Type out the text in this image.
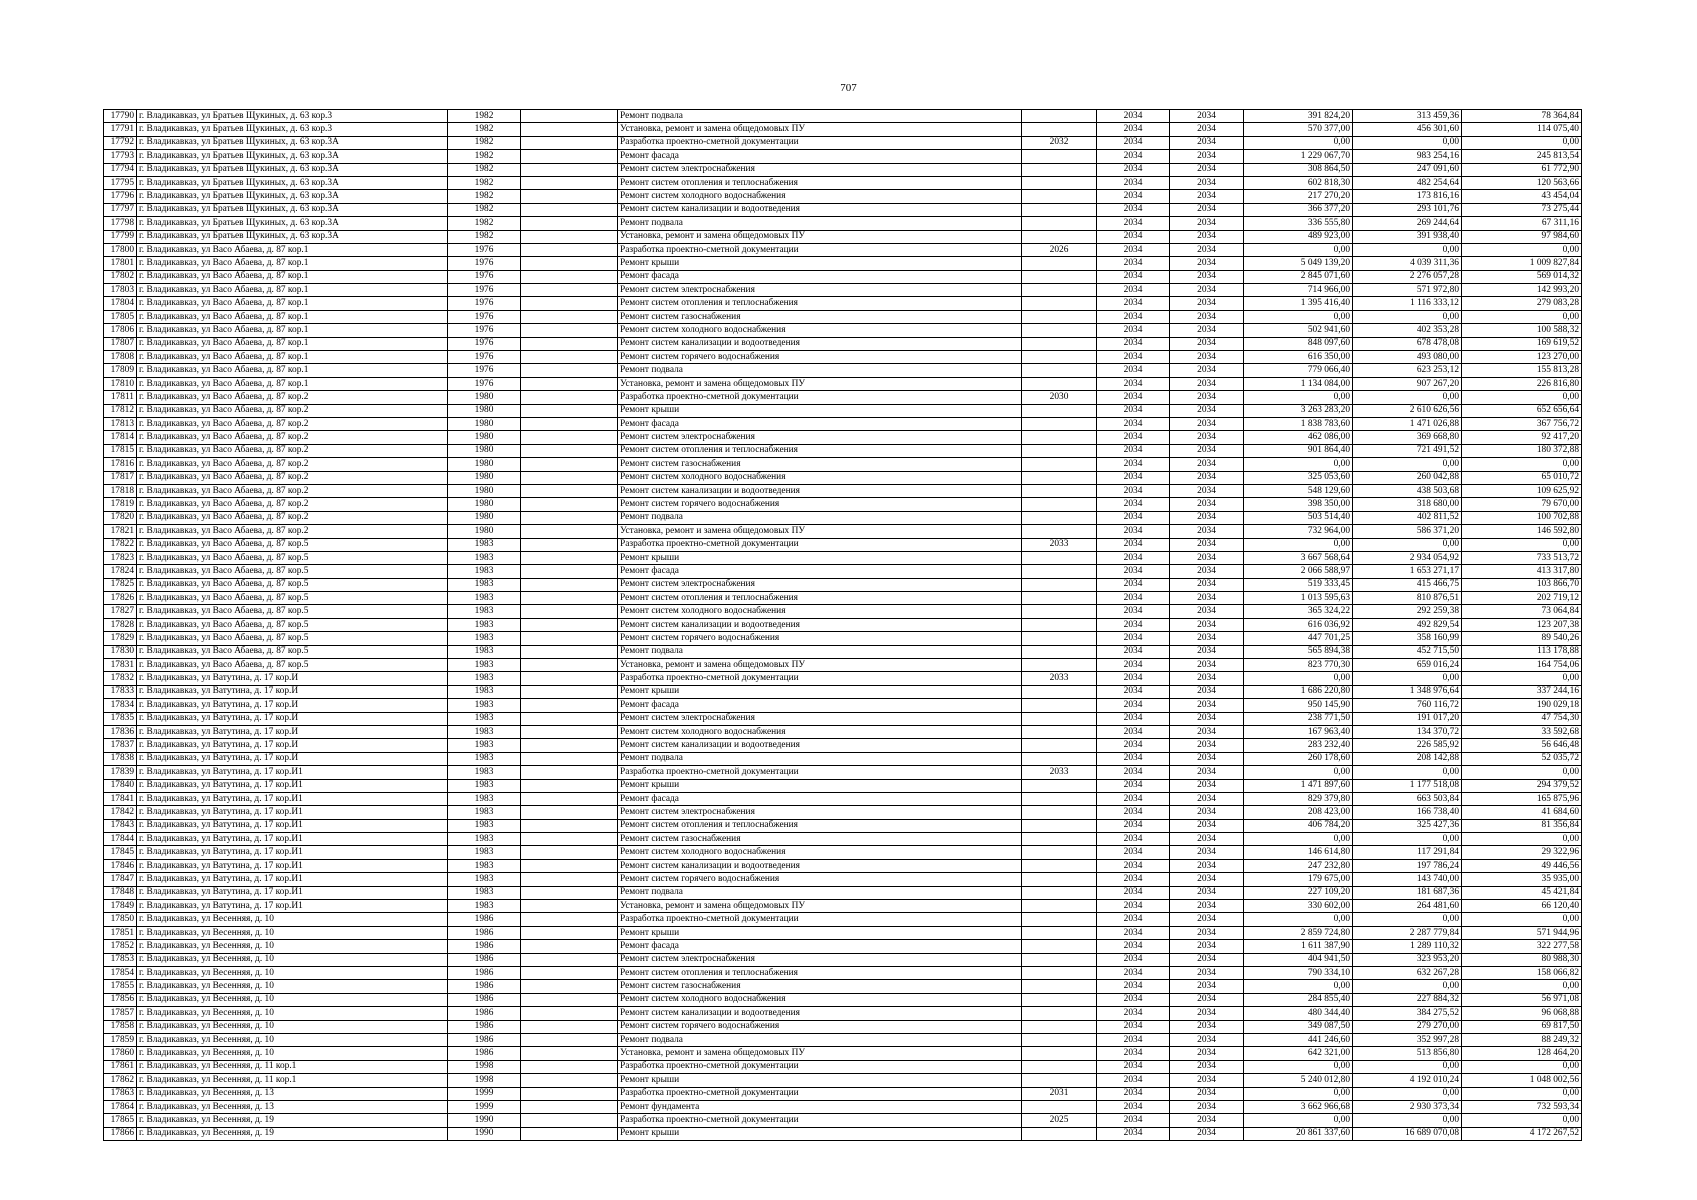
707
17790	г. Владикавказ, ул Братьев Щукиных, д. 63 кор.3	1982		Ремонт подвала		2034	2034	391 824,20	313 459,36	78 364,84
17791	г. Владикавказ, ул Братьев Щукиных, д. 63 кор.3	1982		Установка, ремонт и замена общедомовых ПУ		2034	2034	570 377,00	456 301,60	114 075,40
17792	г. Владикавказ, ул Братьев Щукиных, д. 63 кор.3А	1982		Разработка проектно-сметной документации	2032	2034	2034	0,00	0,00	0,00
17793	г. Владикавказ, ул Братьев Щукиных, д. 63 кор.3А	1982		Ремонт фасада		2034	2034	1 229 067,70	983 254,16	245 813,54
17794	г. Владикавказ, ул Братьев Щукиных, д. 63 кор.3А	1982		Ремонт систем электроснабжения		2034	2034	308 864,50	247 091,60	61 772,90
17795	г. Владикавказ, ул Братьев Щукиных, д. 63 кор.3А	1982		Ремонт систем отопления и теплоснабжения		2034	2034	602 818,30	482 254,64	120 563,66
17796	г. Владикавказ, ул Братьев Щукиных, д. 63 кор.3А	1982		Ремонт систем холодного водоснабжения		2034	2034	217 270,20	173 816,16	43 454,04
17797	г. Владикавказ, ул Братьев Щукиных, д. 63 кор.3А	1982		Ремонт систем канализации и водоотведения		2034	2034	366 377,20	293 101,76	73 275,44
17798	г. Владикавказ, ул Братьев Щукиных, д. 63 кор.3А	1982		Ремонт подвала		2034	2034	336 555,80	269 244,64	67 311,16
17799	г. Владикавказ, ул Братьев Щукиных, д. 63 кор.3А	1982		Установка, ремонт и замена общедомовых ПУ		2034	2034	489 923,00	391 938,40	97 984,60
17800	г. Владикавказ, ул Васо Абаева, д. 87 кор.1	1976		Разработка проектно-сметной документации	2026	2034	2034	0,00	0,00	0,00
17801	г. Владикавказ, ул Васо Абаева, д. 87 кор.1	1976		Ремонт крыши		2034	2034	5 049 139,20	4 039 311,36	1 009 827,84
17802	г. Владикавказ, ул Васо Абаева, д. 87 кор.1	1976		Ремонт фасада		2034	2034	2 845 071,60	2 276 057,28	569 014,32
17803	г. Владикавказ, ул Васо Абаева, д. 87 кор.1	1976		Ремонт систем электроснабжения		2034	2034	714 966,00	571 972,80	142 993,20
17804	г. Владикавказ, ул Васо Абаева, д. 87 кор.1	1976		Ремонт систем отопления и теплоснабжения		2034	2034	1 395 416,40	1 116 333,12	279 083,28
17805	г. Владикавказ, ул Васо Абаева, д. 87 кор.1	1976		Ремонт систем газоснабжения		2034	2034	0,00	0,00	0,00
17806	г. Владикавказ, ул Васо Абаева, д. 87 кор.1	1976		Ремонт систем холодного водоснабжения		2034	2034	502 941,60	402 353,28	100 588,32
17807	г. Владикавказ, ул Васо Абаева, д. 87 кор.1	1976		Ремонт систем канализации и водоотведения		2034	2034	848 097,60	678 478,08	169 619,52
17808	г. Владикавказ, ул Васо Абаева, д. 87 кор.1	1976		Ремонт систем горячего водоснабжения		2034	2034	616 350,00	493 080,00	123 270,00
17809	г. Владикавказ, ул Васо Абаева, д. 87 кор.1	1976		Ремонт подвала		2034	2034	779 066,40	623 253,12	155 813,28
17810	г. Владикавказ, ул Васо Абаева, д. 87 кор.1	1976		Установка, ремонт и замена общедомовых ПУ		2034	2034	1 134 084,00	907 267,20	226 816,80
17811	г. Владикавказ, ул Васо Абаева, д. 87 кор.2	1980		Разработка проектно-сметной документации	2030	2034	2034	0,00	0,00	0,00
17812	г. Владикавказ, ул Васо Абаева, д. 87 кор.2	1980		Ремонт крыши		2034	2034	3 263 283,20	2 610 626,56	652 656,64
17813	г. Владикавказ, ул Васо Абаева, д. 87 кор.2	1980		Ремонт фасада		2034	2034	1 838 783,60	1 471 026,88	367 756,72
17814	г. Владикавказ, ул Васо Абаева, д. 87 кор.2	1980		Ремонт систем электроснабжения		2034	2034	462 086,00	369 668,80	92 417,20
17815	г. Владикавказ, ул Васо Абаева, д. 87 кор.2	1980		Ремонт систем отопления и теплоснабжения		2034	2034	901 864,40	721 491,52	180 372,88
17816	г. Владикавказ, ул Васо Абаева, д. 87 кор.2	1980		Ремонт систем газоснабжения		2034	2034	0,00	0,00	0,00
17817	г. Владикавказ, ул Васо Абаева, д. 87 кор.2	1980		Ремонт систем холодного водоснабжения		2034	2034	325 053,60	260 042,88	65 010,72
17818	г. Владикавказ, ул Васо Абаева, д. 87 кор.2	1980		Ремонт систем канализации и водоотведения		2034	2034	548 129,60	438 503,68	109 625,92
17819	г. Владикавказ, ул Васо Абаева, д. 87 кор.2	1980		Ремонт систем горячего водоснабжения		2034	2034	398 350,00	318 680,00	79 670,00
17820	г. Владикавказ, ул Васо Абаева, д. 87 кор.2	1980		Ремонт подвала		2034	2034	503 514,40	402 811,52	100 702,88
17821	г. Владикавказ, ул Васо Абаева, д. 87 кор.2	1980		Установка, ремонт и замена общедомовых ПУ		2034	2034	732 964,00	586 371,20	146 592,80
17822	г. Владикавказ, ул Васо Абаева, д. 87 кор.5	1983		Разработка проектно-сметной документации	2033	2034	2034	0,00	0,00	0,00
17823	г. Владикавказ, ул Васо Абаева, д. 87 кор.5	1983		Ремонт крыши		2034	2034	3 667 568,64	2 934 054,92	733 513,72
17824	г. Владикавказ, ул Васо Абаева, д. 87 кор.5	1983		Ремонт фасада		2034	2034	2 066 588,97	1 653 271,17	413 317,80
17825	г. Владикавказ, ул Васо Абаева, д. 87 кор.5	1983		Ремонт систем электроснабжения		2034	2034	519 333,45	415 466,75	103 866,70
17826	г. Владикавказ, ул Васо Абаева, д. 87 кор.5	1983		Ремонт систем отопления и теплоснабжения		2034	2034	1 013 595,63	810 876,51	202 719,12
17827	г. Владикавказ, ул Васо Абаева, д. 87 кор.5	1983		Ремонт систем холодного водоснабжения		2034	2034	365 324,22	292 259,38	73 064,84
17828	г. Владикавказ, ул Васо Абаева, д. 87 кор.5	1983		Ремонт систем канализации и водоотведения		2034	2034	616 036,92	492 829,54	123 207,38
17829	г. Владикавказ, ул Васо Абаева, д. 87 кор.5	1983		Ремонт систем горячего водоснабжения		2034	2034	447 701,25	358 160,99	89 540,26
17830	г. Владикавказ, ул Васо Абаева, д. 87 кор.5	1983		Ремонт подвала		2034	2034	565 894,38	452 715,50	113 178,88
17831	г. Владикавказ, ул Васо Абаева, д. 87 кор.5	1983		Установка, ремонт и замена общедомовых ПУ		2034	2034	823 770,30	659 016,24	164 754,06
17832	г. Владикавказ, ул Ватутина, д. 17 кор.И	1983		Разработка проектно-сметной документации	2033	2034	2034	0,00	0,00	0,00
17833	г. Владикавказ, ул Ватутина, д. 17 кор.И	1983		Ремонт крыши		2034	2034	1 686 220,80	1 348 976,64	337 244,16
17834	г. Владикавказ, ул Ватутина, д. 17 кор.И	1983		Ремонт фасада		2034	2034	950 145,90	760 116,72	190 029,18
17835	г. Владикавказ, ул Ватутина, д. 17 кор.И	1983		Ремонт систем электроснабжения		2034	2034	238 771,50	191 017,20	47 754,30
17836	г. Владикавказ, ул Ватутина, д. 17 кор.И	1983		Ремонт систем холодного водоснабжения		2034	2034	167 963,40	134 370,72	33 592,68
17837	г. Владикавказ, ул Ватутина, д. 17 кор.И	1983		Ремонт систем канализации и водоотведения		2034	2034	283 232,40	226 585,92	56 646,48
17838	г. Владикавказ, ул Ватутина, д. 17 кор.И	1983		Ремонт подвала		2034	2034	260 178,60	208 142,88	52 035,72
17839	г. Владикавказ, ул Ватутина, д. 17 кор.И1	1983		Разработка проектно-сметной документации	2033	2034	2034	0,00	0,00	0,00
17840	г. Владикавказ, ул Ватутина, д. 17 кор.И1	1983		Ремонт крыши		2034	2034	1 471 897,60	1 177 518,08	294 379,52
17841	г. Владикавказ, ул Ватутина, д. 17 кор.И1	1983		Ремонт фасада		2034	2034	829 379,80	663 503,84	165 875,96
17842	г. Владикавказ, ул Ватутина, д. 17 кор.И1	1983		Ремонт систем электроснабжения		2034	2034	208 423,00	166 738,40	41 684,60
17843	г. Владикавказ, ул Ватутина, д. 17 кор.И1	1983		Ремонт систем отопления и теплоснабжения		2034	2034	406 784,20	325 427,36	81 356,84
17844	г. Владикавказ, ул Ватутина, д. 17 кор.И1	1983		Ремонт систем газоснабжения		2034	2034	0,00	0,00	0,00
17845	г. Владикавказ, ул Ватутина, д. 17 кор.И1	1983		Ремонт систем холодного водоснабжения		2034	2034	146 614,80	117 291,84	29 322,96
17846	г. Владикавказ, ул Ватутина, д. 17 кор.И1	1983		Ремонт систем канализации и водоотведения		2034	2034	247 232,80	197 786,24	49 446,56
17847	г. Владикавказ, ул Ватутина, д. 17 кор.И1	1983		Ремонт систем горячего водоснабжения		2034	2034	179 675,00	143 740,00	35 935,00
17848	г. Владикавказ, ул Ватутина, д. 17 кор.И1	1983		Ремонт подвала		2034	2034	227 109,20	181 687,36	45 421,84
17849	г. Владикавказ, ул Ватутина, д. 17 кор.И1	1983		Установка, ремонт и замена общедомовых ПУ		2034	2034	330 602,00	264 481,60	66 120,40
17850	г. Владикавказ, ул Весенняя, д. 10	1986		Разработка проектно-сметной документации		2034	2034	0,00	0,00	0,00
17851	г. Владикавказ, ул Весенняя, д. 10	1986		Ремонт крыши		2034	2034	2 859 724,80	2 287 779,84	571 944,96
17852	г. Владикавказ, ул Весенняя, д. 10	1986		Ремонт фасада		2034	2034	1 611 387,90	1 289 110,32	322 277,58
17853	г. Владикавказ, ул Весенняя, д. 10	1986		Ремонт систем электроснабжения		2034	2034	404 941,50	323 953,20	80 988,30
17854	г. Владикавказ, ул Весенняя, д. 10	1986		Ремонт систем отопления и теплоснабжения		2034	2034	790 334,10	632 267,28	158 066,82
17855	г. Владикавказ, ул Весенняя, д. 10	1986		Ремонт систем газоснабжения		2034	2034	0,00	0,00	0,00
17856	г. Владикавказ, ул Весенняя, д. 10	1986		Ремонт систем холодного водоснабжения		2034	2034	284 855,40	227 884,32	56 971,08
17857	г. Владикавказ, ул Весенняя, д. 10	1986		Ремонт систем канализации и водоотведения		2034	2034	480 344,40	384 275,52	96 068,88
17858	г. Владикавказ, ул Весенняя, д. 10	1986		Ремонт систем горячего водоснабжения		2034	2034	349 087,50	279 270,00	69 817,50
17859	г. Владикавказ, ул Весенняя, д. 10	1986		Ремонт подвала		2034	2034	441 246,60	352 997,28	88 249,32
17860	г. Владикавказ, ул Весенняя, д. 10	1986		Установка, ремонт и замена общедомовых ПУ		2034	2034	642 321,00	513 856,80	128 464,20
17861	г. Владикавказ, ул Весенняя, д. 11 кор.1	1998		Разработка проектно-сметной документации		2034	2034	0,00	0,00	0,00
17862	г. Владикавказ, ул Весенняя, д. 11 кор.1	1998		Ремонт крыши		2034	2034	5 240 012,80	4 192 010,24	1 048 002,56
17863	г. Владикавказ, ул Весенняя, д. 13	1999		Разработка проектно-сметной документации	2031	2034	2034	0,00	0,00	0,00
17864	г. Владикавказ, ул Весенняя, д. 13	1999		Ремонт фундамента		2034	2034	3 662 966,68	2 930 373,34	732 593,34
17865	г. Владикавказ, ул Весенняя, д. 19	1990		Разработка проектно-сметной документации	2025	2034	2034	0,00	0,00	0,00
17866	г. Владикавказ, ул Весенняя, д. 19	1990		Ремонт крыши		2034	2034	20 861 337,60	16 689 070,08	4 172 267,52
